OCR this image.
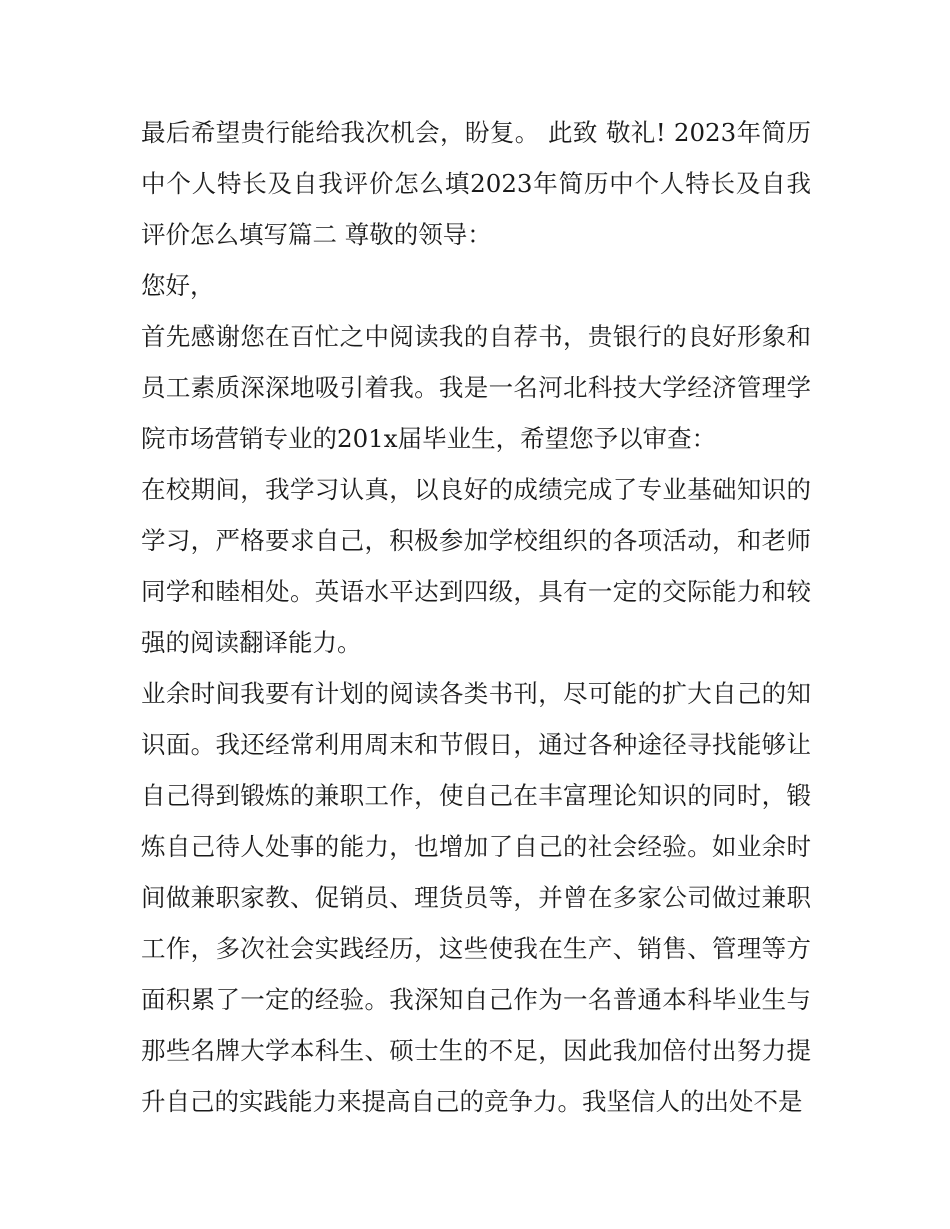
最后希望贵行能给我次机会，盼复。 此致 敬礼! 2023年简历中个人特长及自我评价怎么填2023年简历中个人特长及自我评价怎么填写篇二 尊敬的领导：

您好，

首先感谢您在百忙之中阅读我的自荐书，贵银行的良好形象和员工素质深深地吸引着我。我是一名河北科技大学经济管理学院市场营销专业的201x届毕业生，希望您予以审查：

在校期间，我学习认真，以良好的成绩完成了专业基础知识的学习，严格要求自己，积极参加学校组织的各项活动，和老师同学和睦相处。英语水平达到四级，具有一定的交际能力和较强的阅读翻译能力。

业余时间我要有计划的阅读各类书刊，尽可能的扩大自己的知识面。我还经常利用周末和节假日，通过各种途径寻找能够让自己得到锻炼的兼职工作，使自己在丰富理论知识的同时，锻炼自己待人处事的能力，也增加了自己的社会经验。如业余时间做兼职家教、促销员、理货员等，并曾在多家公司做过兼职工作，多次社会实践经历，这些使我在生产、销售、管理等方面积累了一定的经验。我深知自己作为一名普通本科毕业生与那些名牌大学本科生、硕士生的不足，因此我加倍付出努力提升自己的实践能力来提高自己的竞争力。我坚信人的出处不是
